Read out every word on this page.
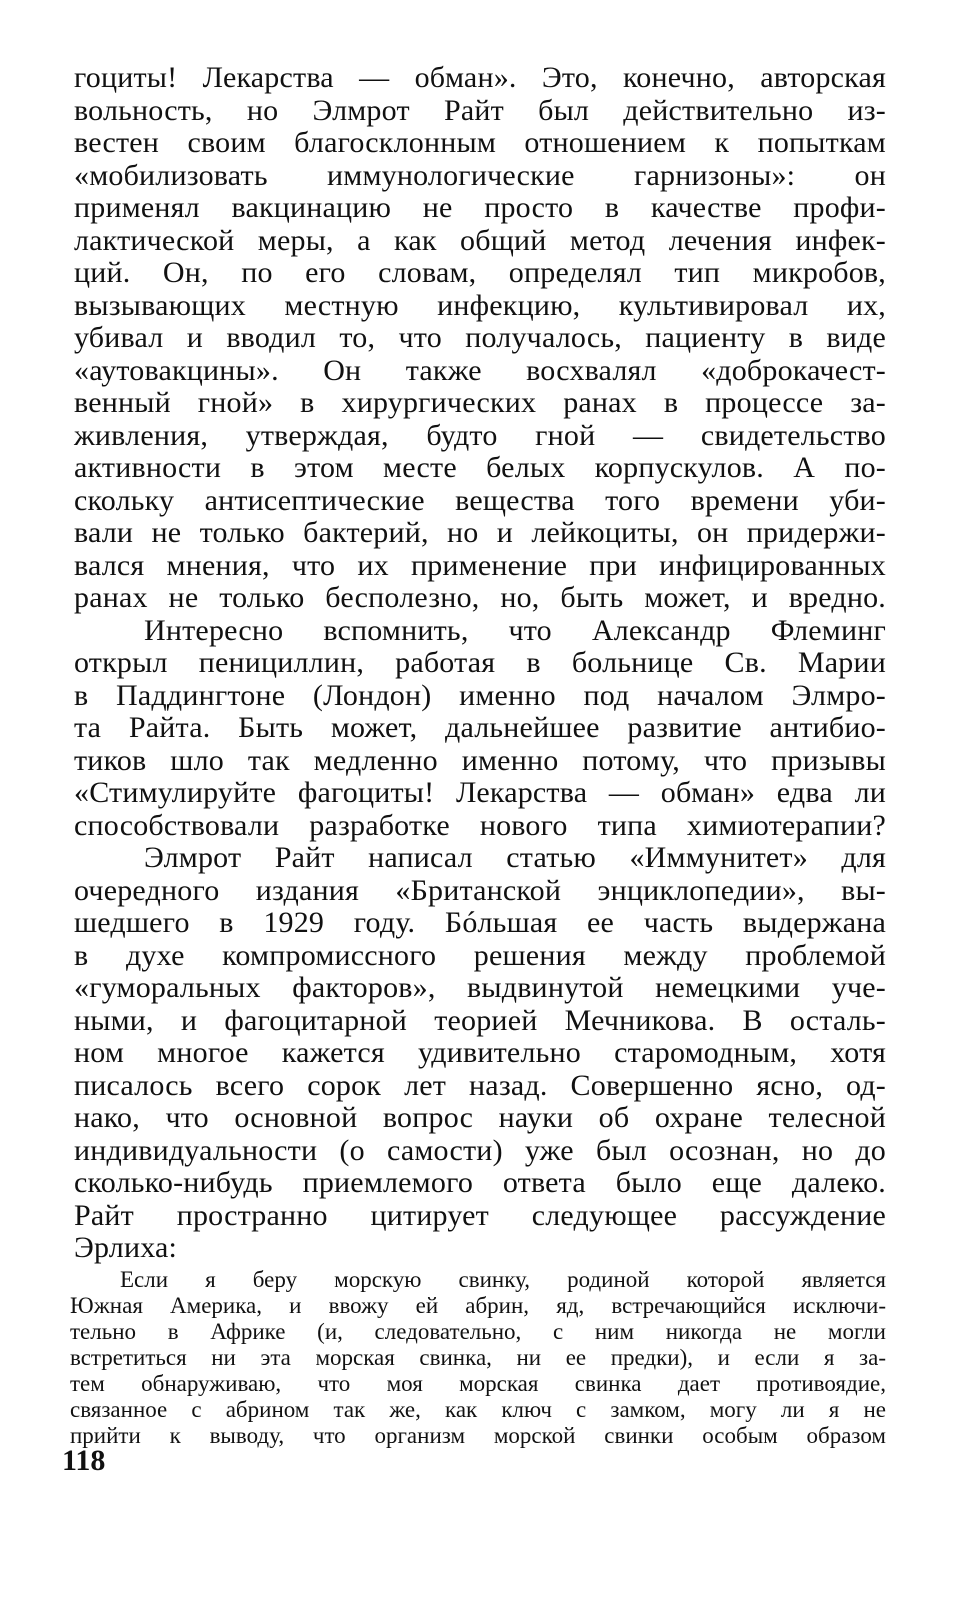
гоциты! Лекарства — обман». Это, конечно, авторская
вольность, но Элмрот Райт был действительно из-
вестен своим благосклонным отношением к попыткам
«мобилизовать иммунологические гарнизоны»: он
применял вакцинацию не просто в качестве профи-
лактической меры, а как общий метод лечения инфек-
ций. Он, по его словам, определял тип микробов,
вызывающих местную инфекцию, культивировал их,
убивал и вводил то, что получалось, пациенту в виде
«аутовакцины». Он также восхвалял «доброкачест-
венный гной» в хирургических ранах в процессе за-
живления, утверждая, будто гной — свидетельство
активности в этом месте белых корпускулов. А по-
скольку антисептические вещества того времени уби-
вали не только бактерий, но и лейкоциты, он придержи-
вался мнения, что их применение при инфицированных
ранах не только бесполезно, но, быть может, и вредно.
Интересно вспомнить, что Александр Флеминг
открыл пенициллин, работая в больнице Св. Марии
в Паддингтоне (Лондон) именно под началом Элмро-
та Райта. Быть может, дальнейшее развитие антибио-
тиков шло так медленно именно потому, что призывы
«Стимулируйте фагоциты! Лекарства — обман» едва ли
способствовали разработке нового типа химиотерапии?
Элмрот Райт написал статью «Иммунитет» для
очередного издания «Британской энциклопедии», вы-
шедшего в 1929 году. Бóльшая ее часть выдержана
в духе компромиссного решения между проблемой
«гуморальных факторов», выдвинутой немецкими уче-
ными, и фагоцитарной теорией Мечникова. В осталь-
ном многое кажется удивительно старомодным, хотя
писалось всего сорок лет назад. Совершенно ясно, од-
нако, что основной вопрос науки об охране телесной
индивидуальности (о самости) уже был осознан, но до
сколько-нибудь приемлемого ответа было еще далеко.
Райт пространно цитирует следующее рассуждение
Эрлиха:
Если я беру морскую свинку, родиной которой является
Южная Америка, и ввожу ей абрин, яд, встречающийся исключи-
тельно в Африке (и, следовательно, с ним никогда не могли
встретиться ни эта морская свинка, ни ее предки), и если я за-
тем обнаруживаю, что моя морская свинка дает противоядие,
связанное с абрином так же, как ключ с замком, могу ли я не
прийти к выводу, что организм морской свинки особым образом
118
